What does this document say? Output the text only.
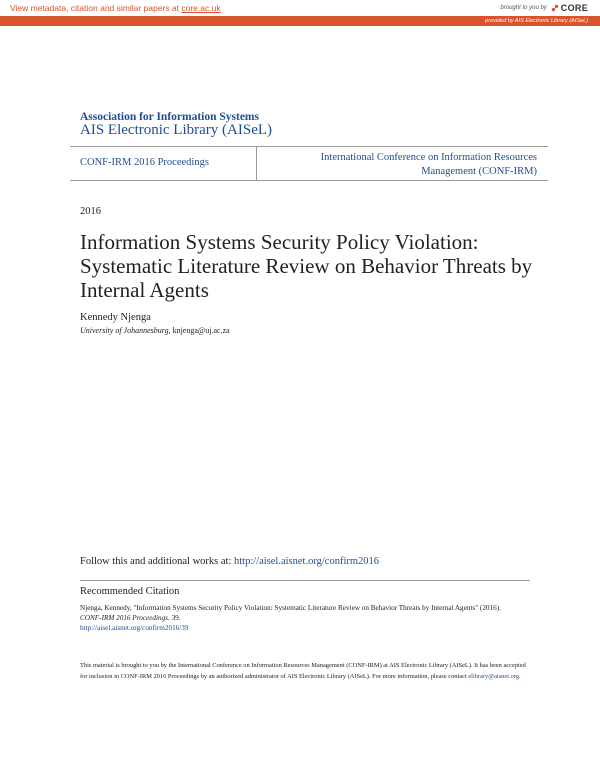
View metadata, citation and similar papers at core.ac.uk	brought to you by CORE
provided by AIS Electronic Library (AISeL)
Association for Information Systems
AIS Electronic Library (AISeL)
CONF-IRM 2016 Proceedings	International Conference on Information Resources
Management (CONF-IRM)
2016
Information Systems Security Policy Violation: Systematic Literature Review on Behavior Threats by Internal Agents
Kennedy Njenga
University of Johannesburg, knjenga@uj.ac.za
Follow this and additional works at: http://aisel.aisnet.org/confirm2016
Recommended Citation
Njenga, Kennedy, "Information Systems Security Policy Violation: Systematic Literature Review on Behavior Threats by Internal Agents" (2016). CONF-IRM 2016 Proceedings. 39.
http://aisel.aisnet.org/confirm2016/39
This material is brought to you by the International Conference on Information Resources Management (CONF-IRM) at AIS Electronic Library (AISeL). It has been accepted for inclusion in CONF-IRM 2016 Proceedings by an authorized administrator of AIS Electronic Library (AISeL). For more information, please contact elibrary@aisnet.org.
